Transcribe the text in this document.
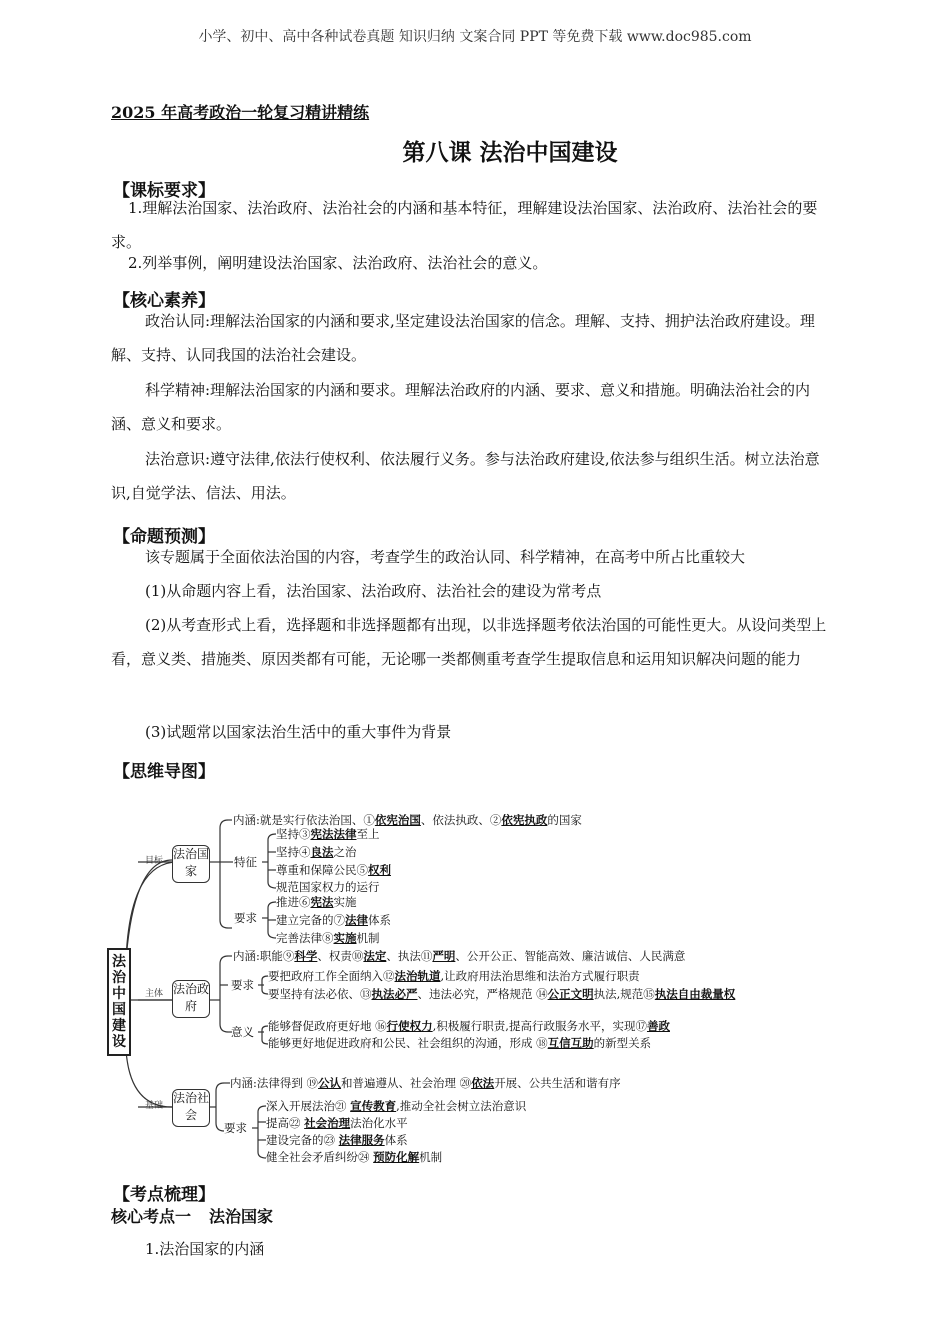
小学、初中、高中各种试卷真题 知识归纳 文案合同 PPT 等免费下载 www.doc985.com
2025 年高考政治一轮复习精讲精练
第八课 法治中国建设
【课标要求】
1.理解法治国家、法治政府、法治社会的内涵和基本特征，理解建设法治国家、法治政府、法治社会的要求。
2.列举事例，阐明建设法治国家、法治政府、法治社会的意义。
【核心素养】
政治认同:理解法治国家的内涵和要求,坚定建设法治国家的信念。理解、支持、拥护法治政府建设。理解、支持、认同我国的法治社会建设。
科学精神:理解法治国家的内涵和要求。理解法治政府的内涵、要求、意义和措施。明确法治社会的内涵、意义和要求。
法治意识:遵守法律,依法行使权利、依法履行义务。参与法治政府建设,依法参与组织生活。树立法治意识,自觉学法、信法、用法。
【命题预测】
该专题属于全面依法治国的内容，考查学生的政治认同、科学精神，在高考中所占比重较大
(1)从命题内容上看，法治国家、法治政府、法治社会的建设为常考点
(2)从考查形式上看，选择题和非选择题都有出现，以非选择题考依法治国的可能性更大。从设问类型上看，意义类、措施类、原因类都有可能，无论哪一类都侧重考查学生提取信息和运用知识解决问题的能力
(3)试题常以国家法治生活中的重大事件为背景
【思维导图】
法治中国建设
目标
主体
基础
法治国家
法治政府
法治社会
内涵:就是实行依法治国、①依宪治国、依法执政、②依宪执政的国家
特征
坚持③宪法法律至上
坚持④良法之治
尊重和保障公民⑤权利
规范国家权力的运行
要求
推进⑥宪法实施
建立完备的⑦法律体系
完善法律⑧实施机制
内涵:职能⑨科学、权责⑩法定、执法⑪严明、公开公正、智能高效、廉洁诚信、人民满意
要求
要把政府工作全面纳入⑫法治轨道,让政府用法治思维和法治方式履行职责
要坚持有法必依、⑬执法必严、违法必究，严格规范 ⑭公正文明执法,规范⑮执法自由裁量权
意义 能够督促政府更好地 ⑯行使权力,积极履行职责,提高行政服务水平，实现⑰善政
能够更好地促进政府和公民、社会组织的沟通，形成 ⑱互信互助的新型关系
内涵:法律得到 ⑲公认和普遍遵从、社会治理 ⑳依法开展、公共生活和谐有序
要求
深入开展法治㉑ 宣传教育,推动全社会树立法治意识
提高㉒ 社会治理法治化水平
建设完备的㉓ 法律服务体系
健全社会矛盾纠纷㉔ 预防化解机制
【考点梳理】
核心考点一 法治国家
1.法治国家的内涵
